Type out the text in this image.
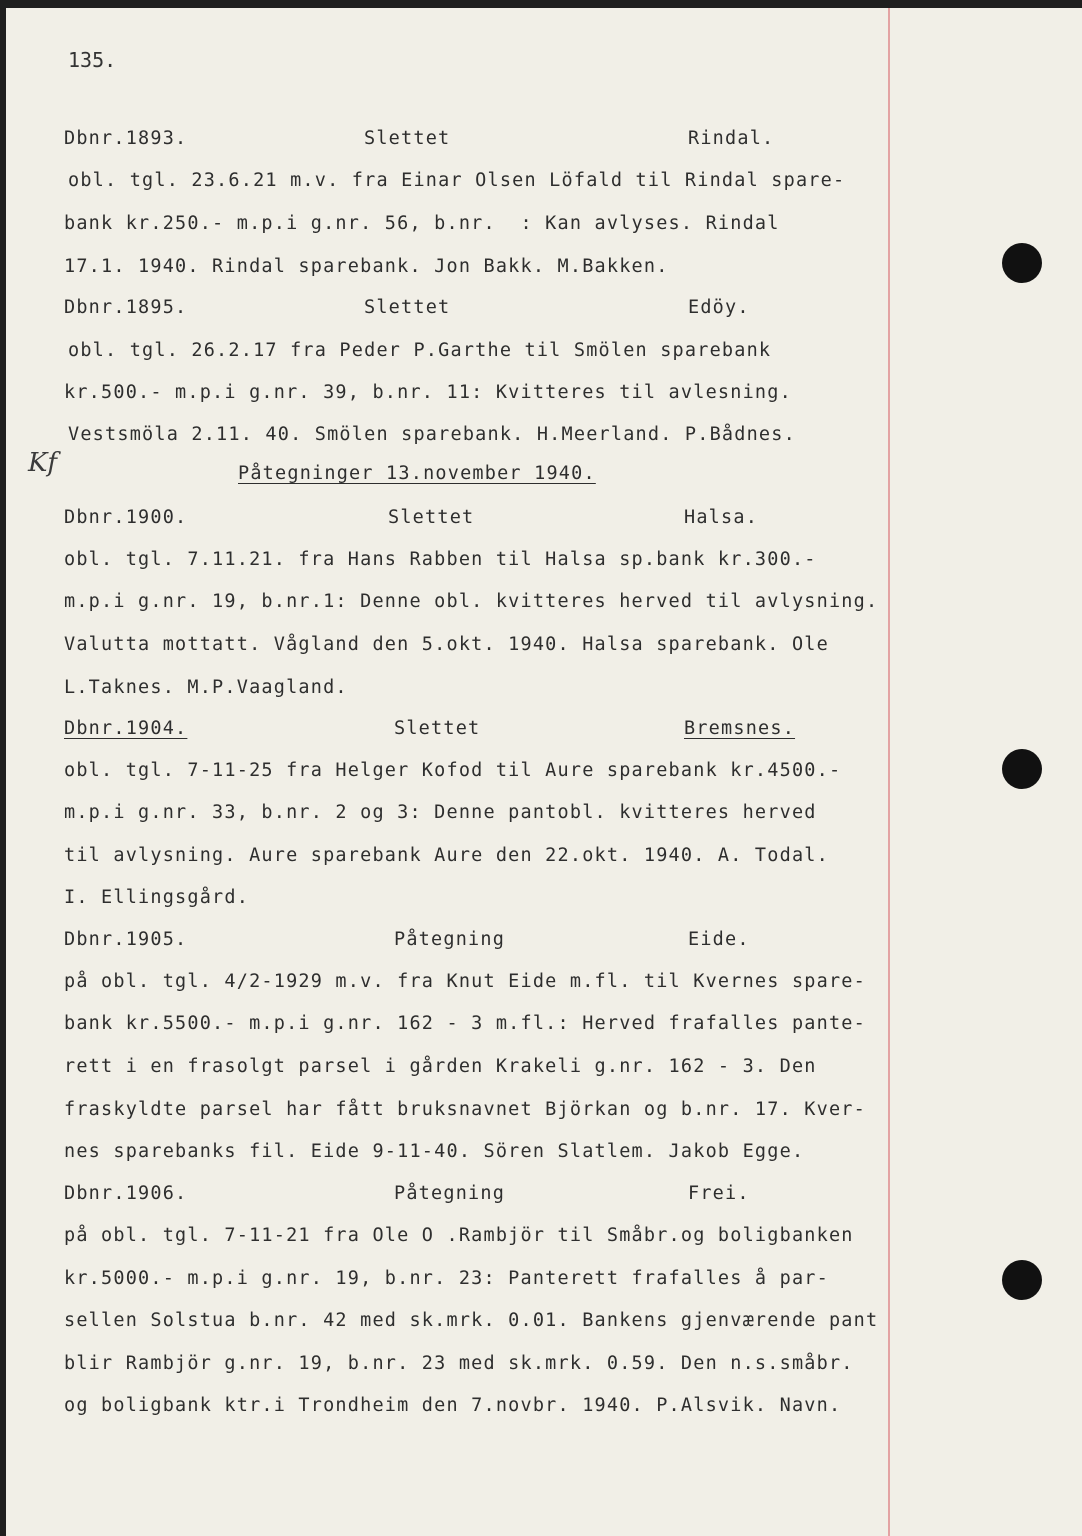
135.
Kf
Dbnr.1893.	Slettet	Rindal.
obl. tgl. 23.6.21 m.v. fra Einar Olsen Löfald til Rindal spare-
bank kr.250.- m.p.i g.nr. 56, b.nr.  : Kan avlyses. Rindal
17.1. 1940. Rindal sparebank. Jon Bakk. M.Bakken.
Dbnr.1895.	Slettet	Edöy.
obl. tgl. 26.2.17 fra Peder P.Garthe til Smölen sparebank
kr.500.- m.p.i g.nr. 39, b.nr. 11: Kvitteres til avlesning.
Vestsmöla 2.11. 40. Smölen sparebank. H.Meerland. P.Bådnes.
Påtegninger 13.november 1940.
Dbnr.1900.	Slettet	Halsa.
obl. tgl. 7.11.21. fra Hans Rabben til Halsa sp.bank kr.300.-
m.p.i g.nr. 19, b.nr.1: Denne obl. kvitteres herved til avlysning.
Valutta mottatt. Vågland den 5.okt. 1940. Halsa sparebank. Ole
L.Taknes. M.P.Vaagland.
Dbnr.1904.	Slettet	Bremsnes.
obl. tgl. 7-11-25 fra Helger Kofod til Aure sparebank kr.4500.-
m.p.i g.nr. 33, b.nr. 2 og 3: Denne pantobl. kvitteres herved
til avlysning. Aure sparebank Aure den 22.okt. 1940. A. Todal.
I. Ellingsgård.
Dbnr.1905.	Påtegning	Eide.
på obl. tgl. 4/2-1929 m.v. fra Knut Eide m.fl. til Kvernes spare-
bank kr.5500.- m.p.i g.nr. 162 - 3 m.fl.: Herved frafalles pante-
rett i en frasolgt parsel i gården Krakeli g.nr. 162 - 3. Den
fraskyldte parsel har fått bruksnavnet Björkan og b.nr. 17. Kver-
nes sparebanks fil. Eide 9-11-40. Sören Slatlem. Jakob Egge.
Dbnr.1906.	Påtegning	Frei.
på obl. tgl. 7-11-21 fra Ole O .Rambjör til Småbr.og boligbanken
kr.5000.- m.p.i g.nr. 19, b.nr. 23: Panterett frafalles å par-
sellen Solstua b.nr. 42 med sk.mrk. 0.01. Bankens gjenværende pant
blir Rambjör g.nr. 19, b.nr. 23 med sk.mrk. 0.59. Den n.s.småbr.
og boligbank ktr.i Trondheim den 7.novbr. 1940. P.Alsvik. Navn.
